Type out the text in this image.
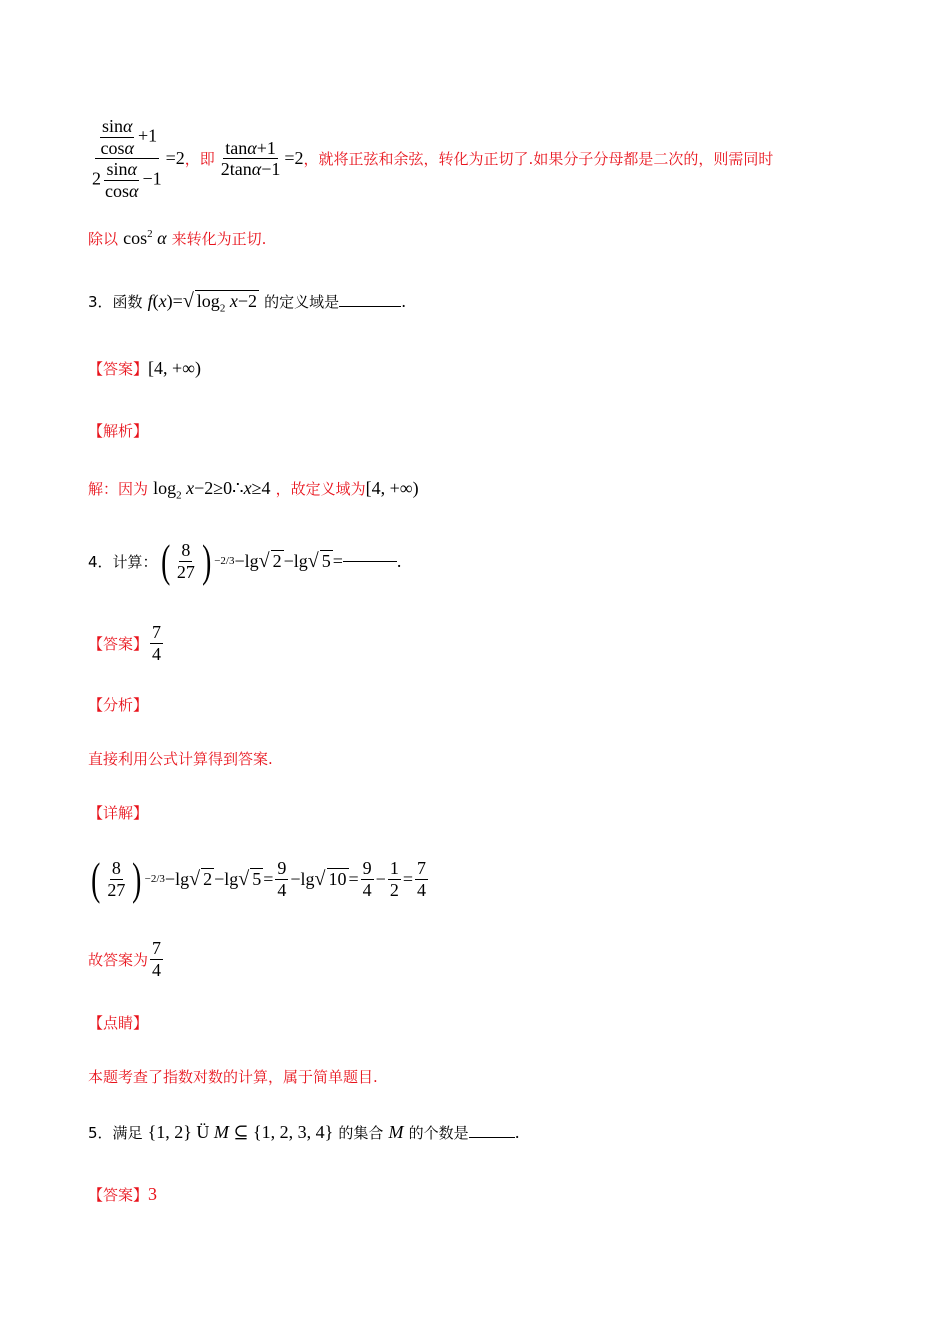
$\frac{\frac{\sin\alpha}{\cos\alpha} +1}{2 \frac{\sin\alpha}{\cos\alpha} -1} =2$ ，即 $\frac{\tan\alpha+1}{2\tan\alpha-1} =2$ ，就将正弦和余弦，转化为正切了.如果分子分母都是二次的，则需同时
除以 $\cos^2 \alpha$ 来转化为正切.
3．函数 f(x)=√ $\log_2 x-2$ 的定义域是	.
【答案】[4, +∞)
【解析】
解：因为 $\log_2$ x−2≥0∴x≥4 ，故定义域为[4, +∞)
4．计算： ( $\frac{8}{27}$ ) −2/3 −lg √ 2 −lg √ 5 =	.
【答案】 $\frac{7}{4}$
【分析】
直接利用公式计算得到答案.
【详解】
( $\frac{8}{27}$ ) −2/3 −lg √ 2 −lg √ $5 = \frac{9}{4} -\lg$ √ $10 = \frac{9}{4} - \frac{1}{2} = \frac{7}{4}$
故答案为 $\frac{7}{4}$
【点睛】
本题考查了指数对数的计算，属于简单题目.
5．满足 {1, 2} Ü M ⊆ {1, 2, 3, 4} 的集合 M 的个数是	.
【答案】3
